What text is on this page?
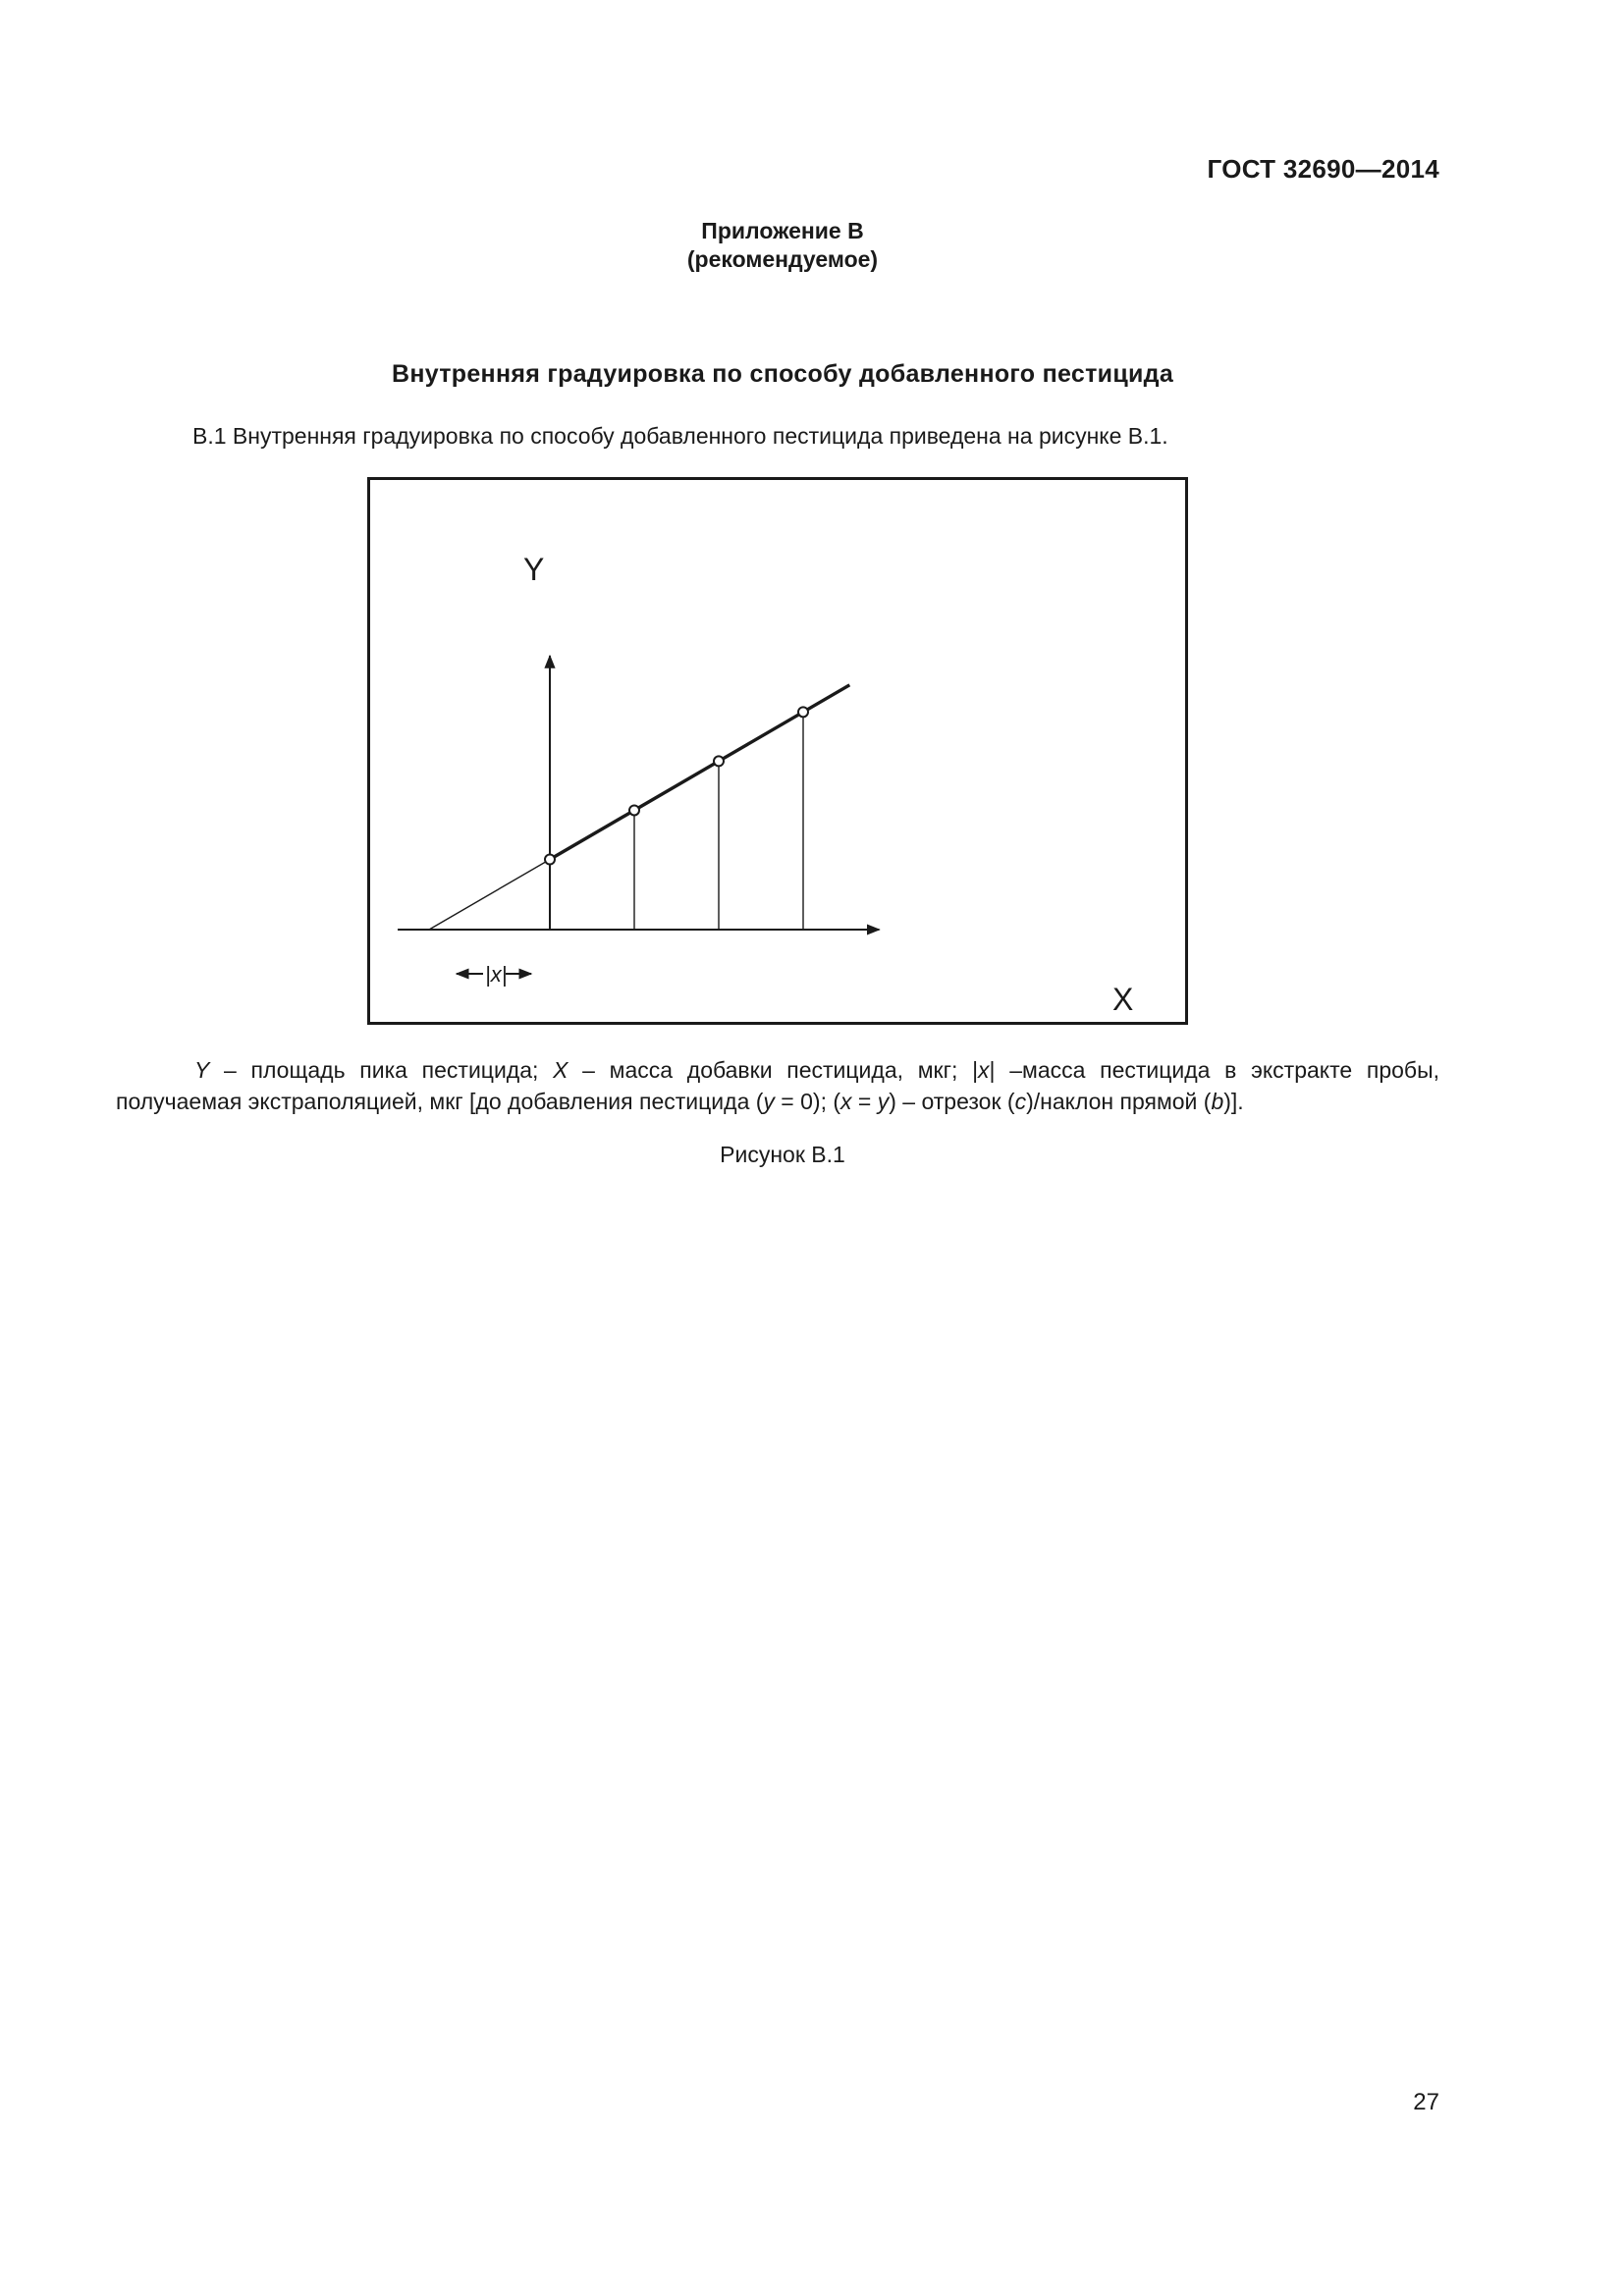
ГОСТ 32690—2014
Приложение В
(рекомендуемое)
Внутренняя градуировка по способу добавленного пестицида
В.1 Внутренняя градуировка по способу добавленного пестицида приведена на рисунке В.1.
Y
X
|x|

Y – площадь пика пестицида; X – масса добавки пестицида, мкг; |x| –масса пестицида в экстракте пробы,

получаемая экстраполяцией, мкг [до добавления пестицида (y = 0); (x = y) – отрезок (c)/наклон прямой (b)].

Рисунок В.1
27
